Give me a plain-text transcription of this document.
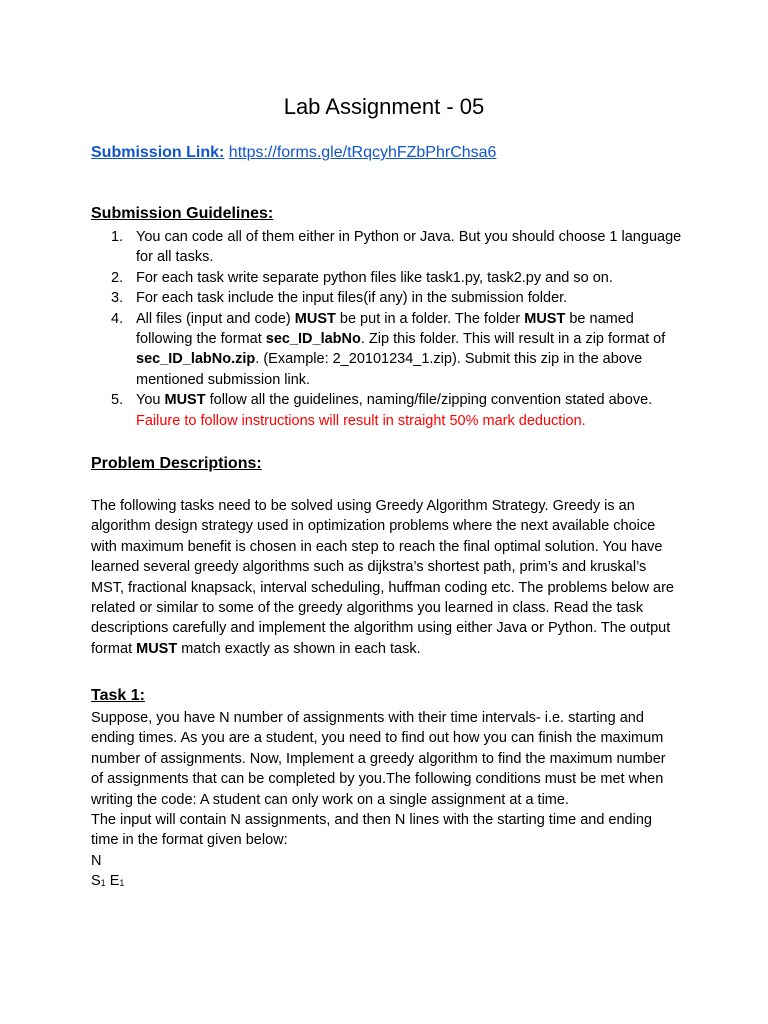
Lab Assignment - 05
Submission Link: https://forms.gle/tRqcyhFZbPhrChsa6
Submission Guidelines:
1. You can code all of them either in Python or Java. But you should choose 1 language for all tasks.
2. For each task write separate python files like task1.py, task2.py and so on.
3. For each task include the input files(if any) in the submission folder.
4. All files (input and code) MUST be put in a folder. The folder MUST be named following the format sec_ID_labNo. Zip this folder. This will result in a zip format of sec_ID_labNo.zip. (Example: 2_20101234_1.zip). Submit this zip in the above mentioned submission link.
5. You MUST follow all the guidelines, naming/file/zipping convention stated above. Failure to follow instructions will result in straight 50% mark deduction.
Problem Descriptions:

The following tasks need to be solved using Greedy Algorithm Strategy. Greedy is an algorithm design strategy used in optimization problems where the next available choice with maximum benefit is chosen in each step to reach the final optimal solution. You have learned several greedy algorithms such as dijkstra’s shortest path, prim’s and kruskal’s MST, fractional knapsack, interval scheduling, huffman coding etc. The problems below are related or similar to some of the greedy algorithms you learned in class. Read the task descriptions carefully and implement the algorithm using either Java or Python. The output format MUST match exactly as shown in each task.

Task 1:
Suppose, you have N number of assignments with their time intervals- i.e. starting and ending times. As you are a student, you need to find out how you can finish the maximum number of assignments. Now, Implement a greedy algorithm to find the maximum number of assignments that can be completed by you.The following conditions must be met when writing the code: A student can only work on a single assignment at a time.
The input will contain N assignments, and then N lines with the starting time and ending time in the format given below:
N
$S_1$ $E_1$
